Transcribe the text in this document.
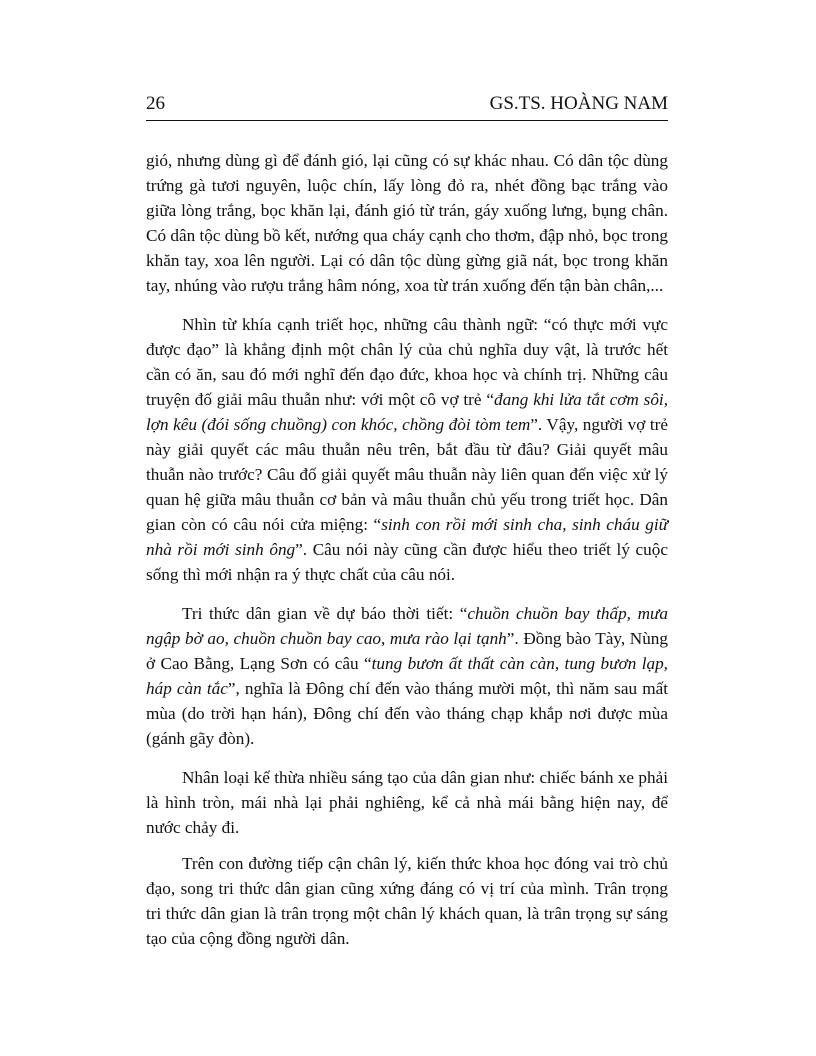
26	GS.TS. HOÀNG NAM

gió, nhưng dùng gì để đánh gió, lại cũng có sự khác nhau. Có dân tộc dùng trứng gà tươi nguyên, luộc chín, lấy lòng đỏ ra, nhét đồng bạc trắng vào giữa lòng trắng, bọc khăn lại, đánh gió từ trán, gáy xuống lưng, bụng chân. Có dân tộc dùng bồ kết, nướng qua cháy cạnh cho thơm, đập nhỏ, bọc trong khăn tay, xoa lên người. Lại có dân tộc dùng gừng giã nát, bọc trong khăn tay, nhúng vào rượu trắng hâm nóng, xoa từ trán xuống đến tận bàn chân,...

Nhìn từ khía cạnh triết học, những câu thành ngữ: “có thực mới vực được đạo” là khẳng định một chân lý của chủ nghĩa duy vật, là trước hết cần có ăn, sau đó mới nghĩ đến đạo đức, khoa học và chính trị. Những câu truyện đố giải mâu thuẫn như: với một cô vợ trẻ “đang khi lửa tắt cơm sôi, lợn kêu (đói sống chuồng) con khóc, chồng đòi tòm tem”. Vậy, người vợ trẻ này giải quyết các mâu thuẫn nêu trên, bắt đầu từ đâu? Giải quyết mâu thuẫn nào trước? Câu đố giải quyết mâu thuẫn này liên quan đến việc xử lý quan hệ giữa mâu thuẫn cơ bản và mâu thuẫn chủ yếu trong triết học. Dân gian còn có câu nói cửa miệng: “sinh con rồi mới sinh cha, sinh cháu giữ nhà rồi mới sinh ông”. Câu nói này cũng cần được hiểu theo triết lý cuộc sống thì mới nhận ra ý thực chất của câu nói.

Tri thức dân gian về dự báo thời tiết: “chuồn chuồn bay thấp, mưa ngập bờ ao, chuồn chuồn bay cao, mưa rào lại tạnh”. Đồng bào Tày, Nùng ở Cao Bằng, Lạng Sơn có câu “tung bươn ất thất càn càn, tung bươn lạp, háp càn tắc”, nghĩa là Đông chí đến vào tháng mười một, thì năm sau mất mùa (do trời hạn hán), Đông chí đến vào tháng chạp khắp nơi được mùa (gánh gãy đòn).

Nhân loại kế thừa nhiều sáng tạo của dân gian như: chiếc bánh xe phải là hình tròn, mái nhà lại phải nghiêng, kể cả nhà mái bằng hiện nay, để nước chảy đi.

Trên con đường tiếp cận chân lý, kiến thức khoa học đóng vai trò chủ đạo, song tri thức dân gian cũng xứng đáng có vị trí của mình. Trân trọng tri thức dân gian là trân trọng một chân lý khách quan, là trân trọng sự sáng tạo của cộng đồng người dân.
